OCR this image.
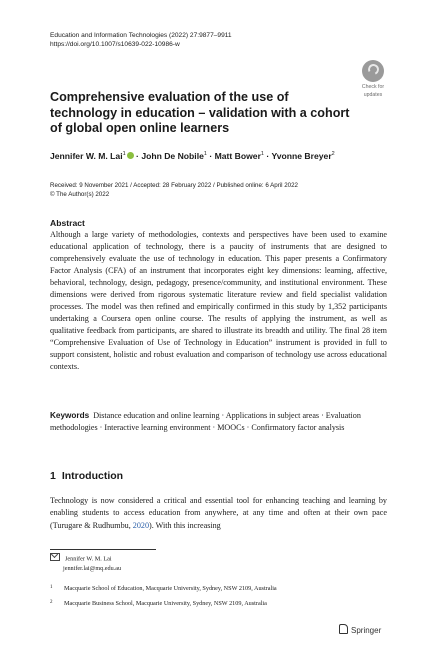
Education and Information Technologies (2022) 27:9877–9911
https://doi.org/10.1007/s10639-022-10986-w
Check for
updates
Comprehensive evaluation of the use of technology in education – validation with a cohort of global open online learners
Jennifer W. M. Lai$^1$ · John De Nobile$^1$ · Matt Bower$^1$ · Yvonne Breyer$^2$
Received: 9 November 2021 / Accepted: 28 February 2022 / Published online: 6 April 2022
© The Author(s) 2022
Abstract
Although a large variety of methodologies, contexts and perspectives have been used to examine educational application of technology, there is a paucity of instruments that are designed to comprehensively evaluate the use of technology in education. This paper presents a Confirmatory Factor Analysis (CFA) of an instrument that incorporates eight key dimensions: learning, affective, behavioral, technology, design, pedagogy, presence/community, and institutional environment. These dimensions were derived from rigorous systematic literature review and field specialist validation processes. The model was then refined and empirically confirmed in this study by 1,352 participants undertaking a Coursera open online course. The results of applying the instrument, as well as qualitative feedback from participants, are shared to illustrate its breadth and utility. The final 28 item “Comprehensive Evaluation of Use of Technology in Education” instrument is provided in full to support consistent, holistic and robust evaluation and comparison of technology use across educational contexts.
Keywords Distance education and online learning · Applications in subject areas · Evaluation methodologies · Interactive learning environment · MOOCs · Confirmatory factor analysis
1 Introduction
Technology is now considered a critical and essential tool for enhancing teaching and learning by enabling students to access education from anywhere, at any time and often at their own pace (Turugare & Rudhumbu, 2020). With this increasing
Jennifer W. M. Lai
jennifer.lai@mq.edu.au
$^1$ Macquarie School of Education, Macquarie University, Sydney, NSW 2109, Australia
$^2$ Macquarie Business School, Macquarie University, Sydney, NSW 2109, Australia
Springer
